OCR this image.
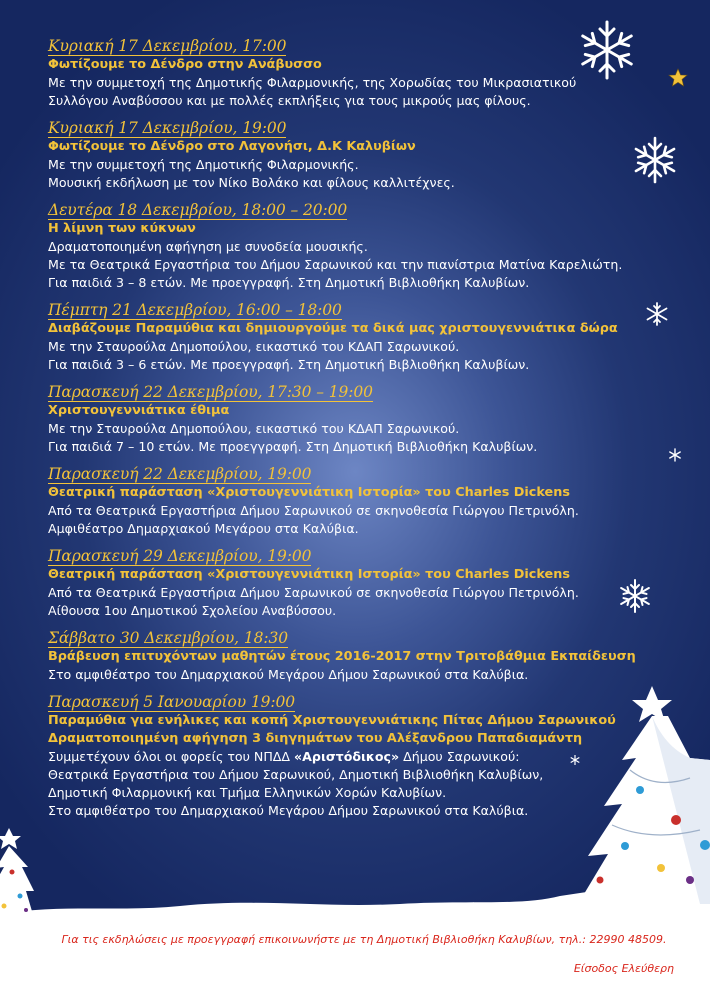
Κυριακή 17 Δεκεμβρίου, 17:00
Φωτίζουμε το Δένδρο στην Ανάβυσσο
Με την συμμετοχή της Δημοτικής Φιλαρμονικής, της Χορωδίας του Μικρασιατικού
Συλλόγου Αναβύσσου και με πολλές εκπλήξεις για τους μικρούς μας φίλους.
Κυριακή 17 Δεκεμβρίου, 19:00
Φωτίζουμε το Δένδρο στο Λαγονήσι, Δ.Κ Καλυβίων
Με την συμμετοχή της Δημοτικής Φιλαρμονικής.
Μουσική εκδήλωση με τον Νίκο Βολάκο και φίλους καλλιτέχνες.
Δευτέρα 18 Δεκεμβρίου, 18:00 – 20:00
Η λίμνη των κύκνων
Δραματοποιημένη αφήγηση με συνοδεία μουσικής.
Με τα Θεατρικά Εργαστήρια του Δήμου Σαρωνικού και την πιανίστρια Ματίνα Καρελιώτη.
Για παιδιά 3 – 8 ετών. Με προεγγραφή. Στη Δημοτική Βιβλιοθήκη Καλυβίων.
Πέμπτη 21 Δεκεμβρίου, 16:00 – 18:00
Διαβάζουμε Παραμύθια και δημιουργούμε τα δικά μας χριστουγεννιάτικα δώρα
Με την Σταυρούλα Δημοπούλου, εικαστικό του ΚΔΑΠ Σαρωνικού.
Για παιδιά 3 – 6 ετών. Με προεγγραφή. Στη Δημοτική Βιβλιοθήκη Καλυβίων.
Παρασκευή 22 Δεκεμβρίου, 17:30 – 19:00
Χριστουγεννιάτικα έθιμα
Με την Σταυρούλα Δημοπούλου, εικαστικό του ΚΔΑΠ Σαρωνικού.
Για παιδιά 7 – 10 ετών. Με προεγγραφή. Στη Δημοτική Βιβλιοθήκη Καλυβίων.
Παρασκευή 22 Δεκεμβρίου, 19:00
Θεατρική παράσταση «Χριστουγεννιάτικη Ιστορία» του Charles Dickens
Από τα Θεατρικά Εργαστήρια Δήμου Σαρωνικού σε σκηνοθεσία Γιώργου Πετρινόλη.
Αμφιθέατρο Δημαρχιακού Μεγάρου στα Καλύβια.
Παρασκευή 29 Δεκεμβρίου, 19:00
Θεατρική παράσταση «Χριστουγεννιάτικη Ιστορία» του Charles Dickens
Από τα Θεατρικά Εργαστήρια Δήμου Σαρωνικού σε σκηνοθεσία Γιώργου Πετρινόλη.
Αίθουσα 1ου Δημοτικού Σχολείου Αναβύσσου.
Σάββατο 30 Δεκεμβρίου, 18:30
Βράβευση επιτυχόντων μαθητών έτους 2016-2017 στην Τριτοβάθμια Εκπαίδευση
Στο αμφιθέατρο του Δημαρχιακού Μεγάρου Δήμου Σαρωνικού στα Καλύβια.
Παρασκευή 5 Ιανουαρίου 19:00
Παραμύθια για ενήλικες και κοπή Χριστουγεννιάτικης Πίτας Δήμου Σαρωνικού
Δραματοποιημένη αφήγηση 3 διηγημάτων του Αλέξανδρου Παπαδιαμάντη
Συμμετέχουν όλοι οι φορείς του ΝΠΔΔ «Αριστόδικος» Δήμου Σαρωνικού:
Θεατρικά Εργαστήρια του Δήμου Σαρωνικού, Δημοτική Βιβλιοθήκη Καλυβίων,
Δημοτική Φιλαρμονική και Τμήμα Ελληνικών Χορών Καλυβίων.
Στο αμφιθέατρο του Δημαρχιακού Μεγάρου Δήμου Σαρωνικού στα Καλύβια.
Για τις εκδηλώσεις με προεγγραφή επικοινωνήστε με τη Δημοτική Βιβλιοθήκη Καλυβίων, τηλ.: 22990 48509.
Είσοδος Ελεύθερη
